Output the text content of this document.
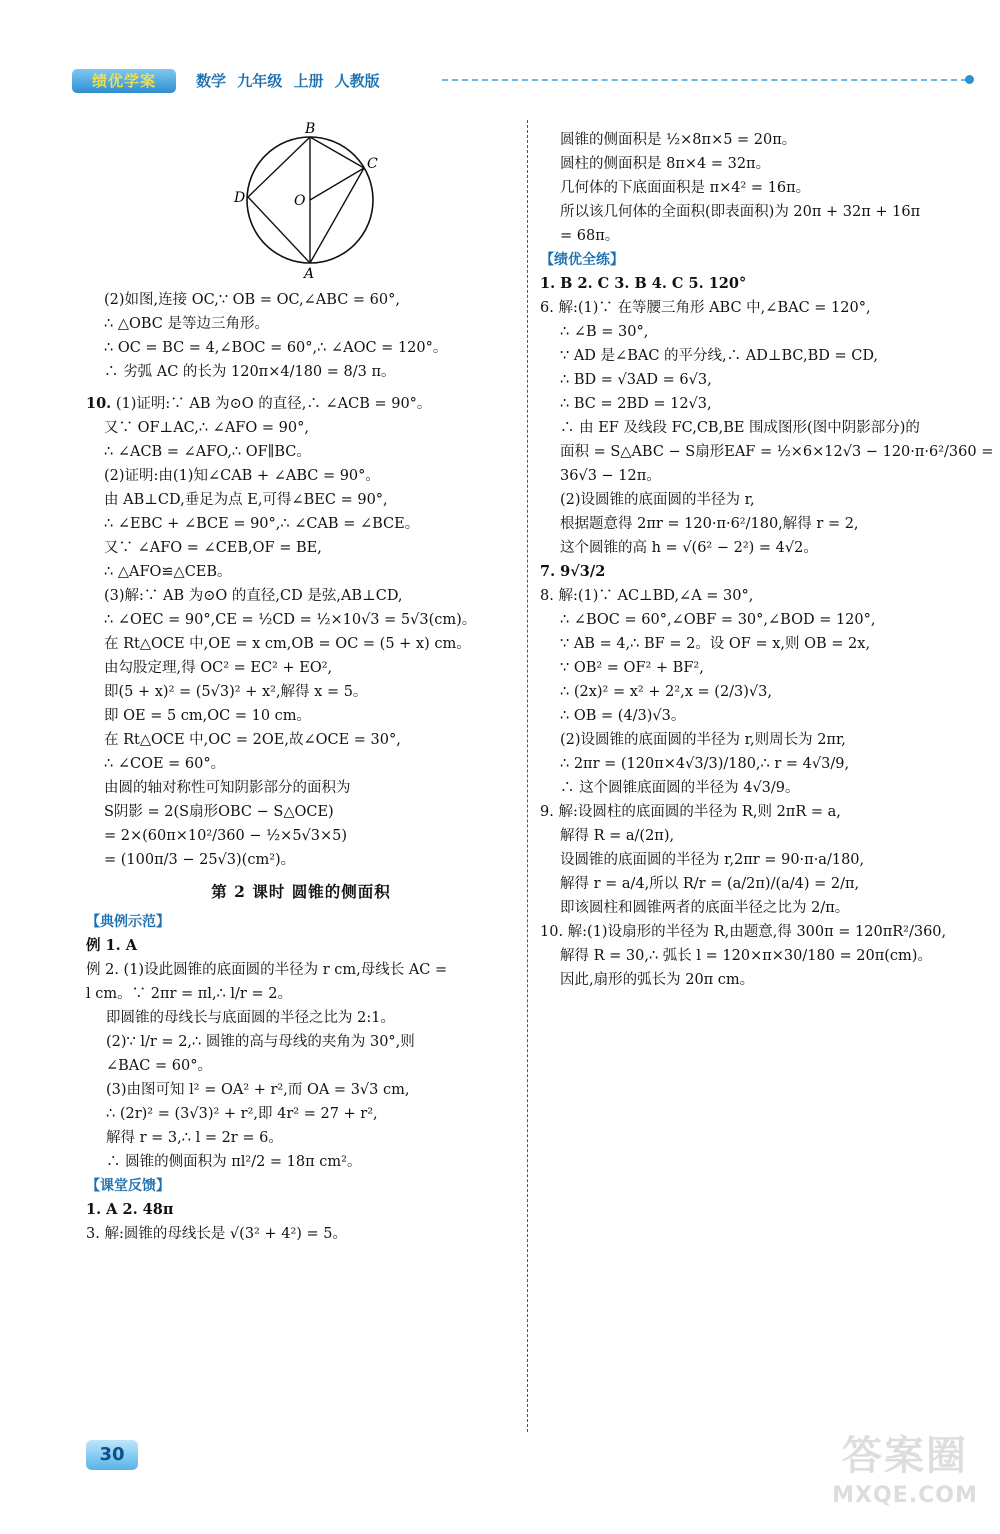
绩优学案	数学 九年级 上册 人教版
B
C
D	O
A

(2)如图,连接 OC,∵ OB = OC,∠ABC = 60°,

∴ △OBC 是等边三角形。

∴ OC = BC = 4,∠BOC = 60°,∴ ∠AOC = 120°。

∴ 劣弧 AC 的长为 120π×4/180 = 8/3 π。

10. (1)证明:∵ AB 为⊙O 的直径,∴ ∠ACB = 90°。

又∵ OF⊥AC,∴ ∠AFO = 90°,

∴ ∠ACB = ∠AFO,∴ OF∥BC。

(2)证明:由(1)知∠CAB + ∠ABC = 90°。

由 AB⊥CD,垂足为点 E,可得∠BEC = 90°,

∴ ∠EBC + ∠BCE = 90°,∴ ∠CAB = ∠BCE。

又∵ ∠AFO = ∠CEB,OF = BE,

∴ △AFO≌△CEB。

(3)解:∵ AB 为⊙O 的直径,CD 是弦,AB⊥CD,

∴ ∠OEC = 90°,CE = ½CD = ½×10√3 = 5√3(cm)。

在 Rt△OCE 中,OE = x cm,OB = OC = (5 + x) cm。

由勾股定理,得 OC² = EC² + EO²,

即(5 + x)² = (5√3)² + x²,解得 x = 5。

即 OE = 5 cm,OC = 10 cm。

在 Rt△OCE 中,OC = 2OE,故∠OCE = 30°,

∴ ∠COE = 60°。

由圆的轴对称性可知阴影部分的面积为

S阴影 = 2(S扇形OBC − S△OCE)

= 2×(60π×10²/360 − ½×5√3×5)

= (100π/3 − 25√3)(cm²)。

第 2 课时 圆锥的侧面积

【典例示范】

例 1. A

例 2. (1)设此圆锥的底面圆的半径为 r cm,母线长 AC =

l cm。∵ 2πr = πl,∴ l/r = 2。

即圆锥的母线长与底面圆的半径之比为 2:1。

(2)∵ l/r = 2,∴ 圆锥的高与母线的夹角为 30°,则

∠BAC = 60°。

(3)由图可知 l² = OA² + r²,而 OA = 3√3 cm,

∴ (2r)² = (3√3)² + r²,即 4r² = 27 + r²,

解得 r = 3,∴ l = 2r = 6。

∴ 圆锥的侧面积为 πl²/2 = 18π cm²。

【课堂反馈】

1. A 2. 48π

3. 解:圆锥的母线长是 √(3² + 4²) = 5。

圆锥的侧面积是 ½×8π×5 = 20π。

圆柱的侧面积是 8π×4 = 32π。

几何体的下底面面积是 π×4² = 16π。

所以该几何体的全面积(即表面积)为 20π + 32π + 16π

= 68π。

【绩优全练】

1. B 2. C 3. B 4. C 5. 120°

6. 解:(1)∵ 在等腰三角形 ABC 中,∠BAC = 120°,

∴ ∠B = 30°,

∵ AD 是∠BAC 的平分线,∴ AD⊥BC,BD = CD,

∴ BD = √3AD = 6√3,

∴ BC = 2BD = 12√3,

∴ 由 EF 及线段 FC,CB,BE 围成图形(图中阴影部分)的

面积 = S△ABC − S扇形EAF = ½×6×12√3 − 120·π·6²/360 =

36√3 − 12π。

(2)设圆锥的底面圆的半径为 r,

根据题意得 2πr = 120·π·6²/180,解得 r = 2,

这个圆锥的高 h = √(6² − 2²) = 4√2。

7. 9√3/2

8. 解:(1)∵ AC⊥BD,∠A = 30°,

∴ ∠BOC = 60°,∠OBF = 30°,∠BOD = 120°,

∵ AB = 4,∴ BF = 2。设 OF = x,则 OB = 2x,

∵ OB² = OF² + BF²,

∴ (2x)² = x² + 2²,x = (2/3)√3,

∴ OB = (4/3)√3。

(2)设圆锥的底面圆的半径为 r,则周长为 2πr,

∴ 2πr = (120π×4√3/3)/180,∴ r = 4√3/9,

∴ 这个圆锥底面圆的半径为 4√3/9。

9. 解:设圆柱的底面圆的半径为 R,则 2πR = a,

解得 R = a/(2π),

设圆锥的底面圆的半径为 r,2πr = 90·π·a/180,

解得 r = a/4,所以 R/r = (a/2π)/(a/4) = 2/π,

即该圆柱和圆锥两者的底面半径之比为 2/π。

10. 解:(1)设扇形的半径为 R,由题意,得 300π = 120πR²/360,

解得 R = 30,∴ 弧长 l = 120×π×30/180 = 20π(cm)。

因此,扇形的弧长为 20π cm。

30	答案圈
MXQE.COM
